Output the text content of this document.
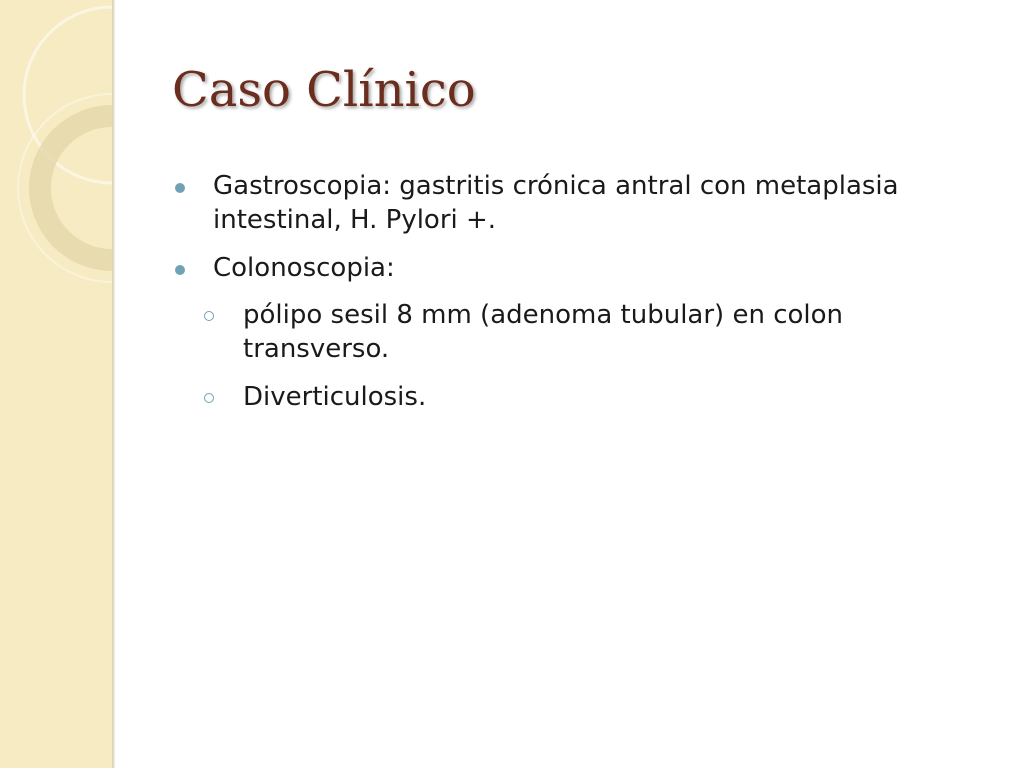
Caso Clínico
Gastroscopia: gastritis crónica antral con metaplasia intestinal, H. Pylori +.
Colonoscopia:
pólipo sesil 8 mm (adenoma tubular) en colon transverso.
Diverticulosis.
